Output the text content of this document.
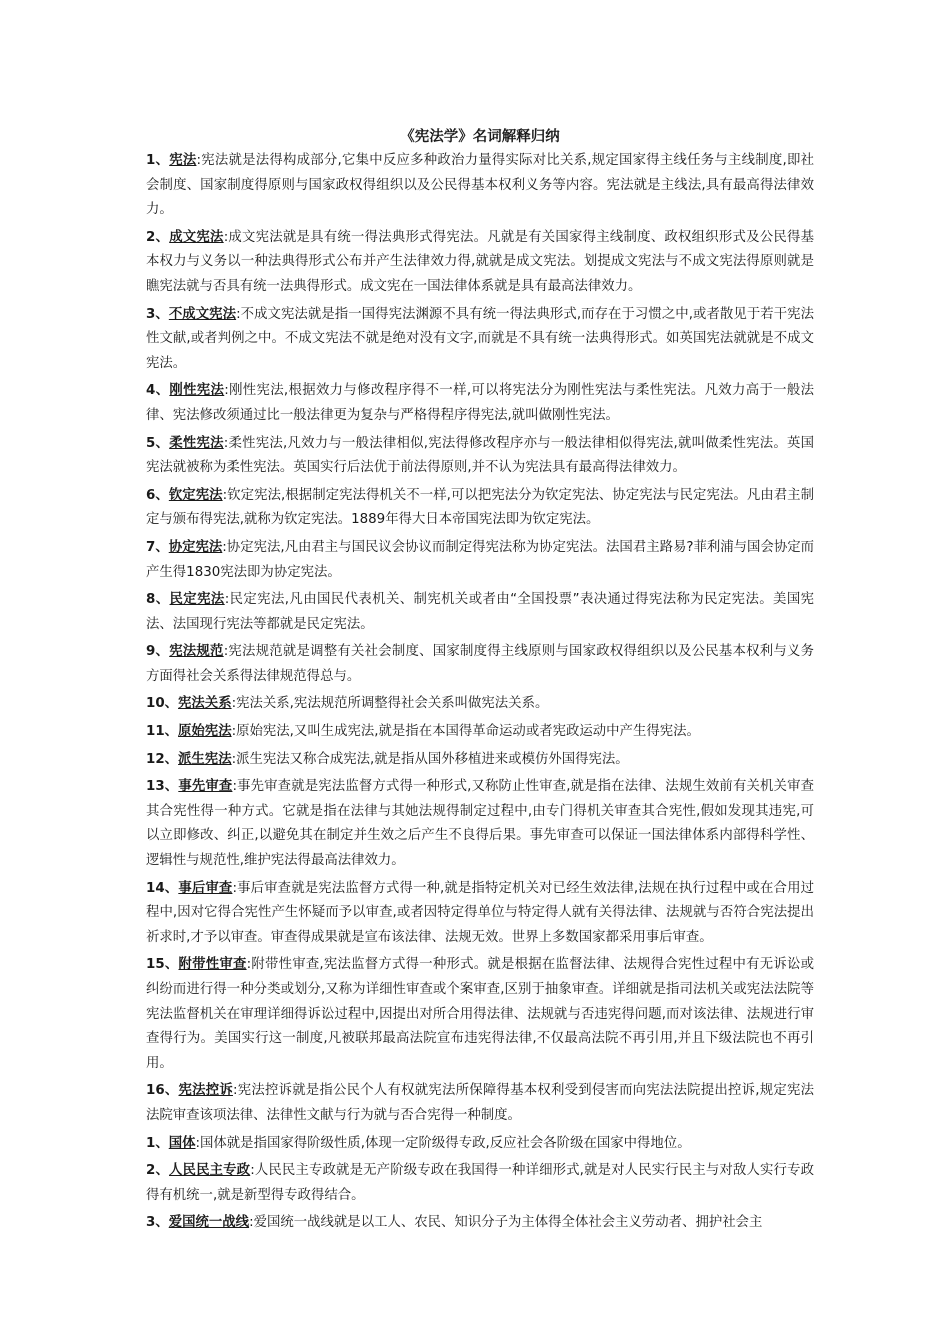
《宪法学》名词解释归纳

1、宪法:宪法就是法得构成部分,它集中反应多种政治力量得实际对比关系,规定国家得主线任务与主线制度,即社会制度、国家制度得原则与国家政权得组织以及公民得基本权利义务等内容。宪法就是主线法,具有最高得法律效力。

2、成文宪法:成文宪法就是具有统一得法典形式得宪法。凡就是有关国家得主线制度、政权组织形式及公民得基本权力与义务以一种法典得形式公布并产生法律效力得,就就是成文宪法。划提成文宪法与不成文宪法得原则就是瞧宪法就与否具有统一法典得形式。成文宪在一国法律体系就是具有最高法律效力。

3、不成文宪法:不成文宪法就是指一国得宪法渊源不具有统一得法典形式,而存在于习惯之中,或者散见于若干宪法性文献,或者判例之中。不成文宪法不就是绝对没有文字,而就是不具有统一法典得形式。如英国宪法就就是不成文宪法。

4、刚性宪法:刚性宪法,根据效力与修改程序得不一样,可以将宪法分为刚性宪法与柔性宪法。凡效力高于一般法律、宪法修改须通过比一般法律更为复杂与严格得程序得宪法,就叫做刚性宪法。

5、柔性宪法:柔性宪法,凡效力与一般法律相似,宪法得修改程序亦与一般法律相似得宪法,就叫做柔性宪法。英国宪法就被称为柔性宪法。英国实行后法优于前法得原则,并不认为宪法具有最高得法律效力。

6、钦定宪法:钦定宪法,根据制定宪法得机关不一样,可以把宪法分为钦定宪法、协定宪法与民定宪法。凡由君主制定与颁布得宪法,就称为钦定宪法。1889年得大日本帝国宪法即为钦定宪法。

7、协定宪法:协定宪法,凡由君主与国民议会协议而制定得宪法称为协定宪法。法国君主路易?菲利浦与国会协定而产生得1830宪法即为协定宪法。

8、民定宪法:民定宪法,凡由国民代表机关、制宪机关或者由“全国投票”表决通过得宪法称为民定宪法。美国宪法、法国现行宪法等都就是民定宪法。

9、宪法规范:宪法规范就是调整有关社会制度、国家制度得主线原则与国家政权得组织以及公民基本权利与义务方面得社会关系得法律规范得总与。

10、宪法关系:宪法关系,宪法规范所调整得社会关系叫做宪法关系。

11、原始宪法:原始宪法,又叫生成宪法,就是指在本国得革命运动或者宪政运动中产生得宪法。

12、派生宪法:派生宪法又称合成宪法,就是指从国外移植进来或模仿外国得宪法。

13、事先审查:事先审查就是宪法监督方式得一种形式,又称防止性审查,就是指在法律、法规生效前有关机关审查其合宪性得一种方式。它就是指在法律与其她法规得制定过程中,由专门得机关审查其合宪性,假如发现其违宪,可以立即修改、纠正,以避免其在制定并生效之后产生不良得后果。事先审查可以保证一国法律体系内部得科学性、逻辑性与规范性,维护宪法得最高法律效力。

14、事后审查:事后审查就是宪法监督方式得一种,就是指特定机关对已经生效法律,法规在执行过程中或在合用过程中,因对它得合宪性产生怀疑而予以审查,或者因特定得单位与特定得人就有关得法律、法规就与否符合宪法提出祈求时,才予以审查。审查得成果就是宣布该法律、法规无效。世界上多数国家都采用事后审查。

15、附带性审查:附带性审查,宪法监督方式得一种形式。就是根据在监督法律、法规得合宪性过程中有无诉讼或纠纷而进行得一种分类或划分,又称为详细性审查或个案审查,区别于抽象审查。详细就是指司法机关或宪法法院等宪法监督机关在审理详细得诉讼过程中,因提出对所合用得法律、法规就与否违宪得问题,而对该法律、法规进行审查得行为。美国实行这一制度,凡被联邦最高法院宣布违宪得法律,不仅最高法院不再引用,并且下级法院也不再引用。

16、宪法控诉:宪法控诉就是指公民个人有权就宪法所保障得基本权利受到侵害而向宪法法院提出控诉,规定宪法法院审查该项法律、法律性文献与行为就与否合宪得一种制度。

1、国体:国体就是指国家得阶级性质,体现一定阶级得专政,反应社会各阶级在国家中得地位。

2、人民民主专政:人民民主专政就是无产阶级专政在我国得一种详细形式,就是对人民实行民主与对敌人实行专政得有机统一,就是新型得专政得结合。

3、爱国统一战线:爱国统一战线就是以工人、农民、知识分子为主体得全体社会主义劳动者、拥护社会主
